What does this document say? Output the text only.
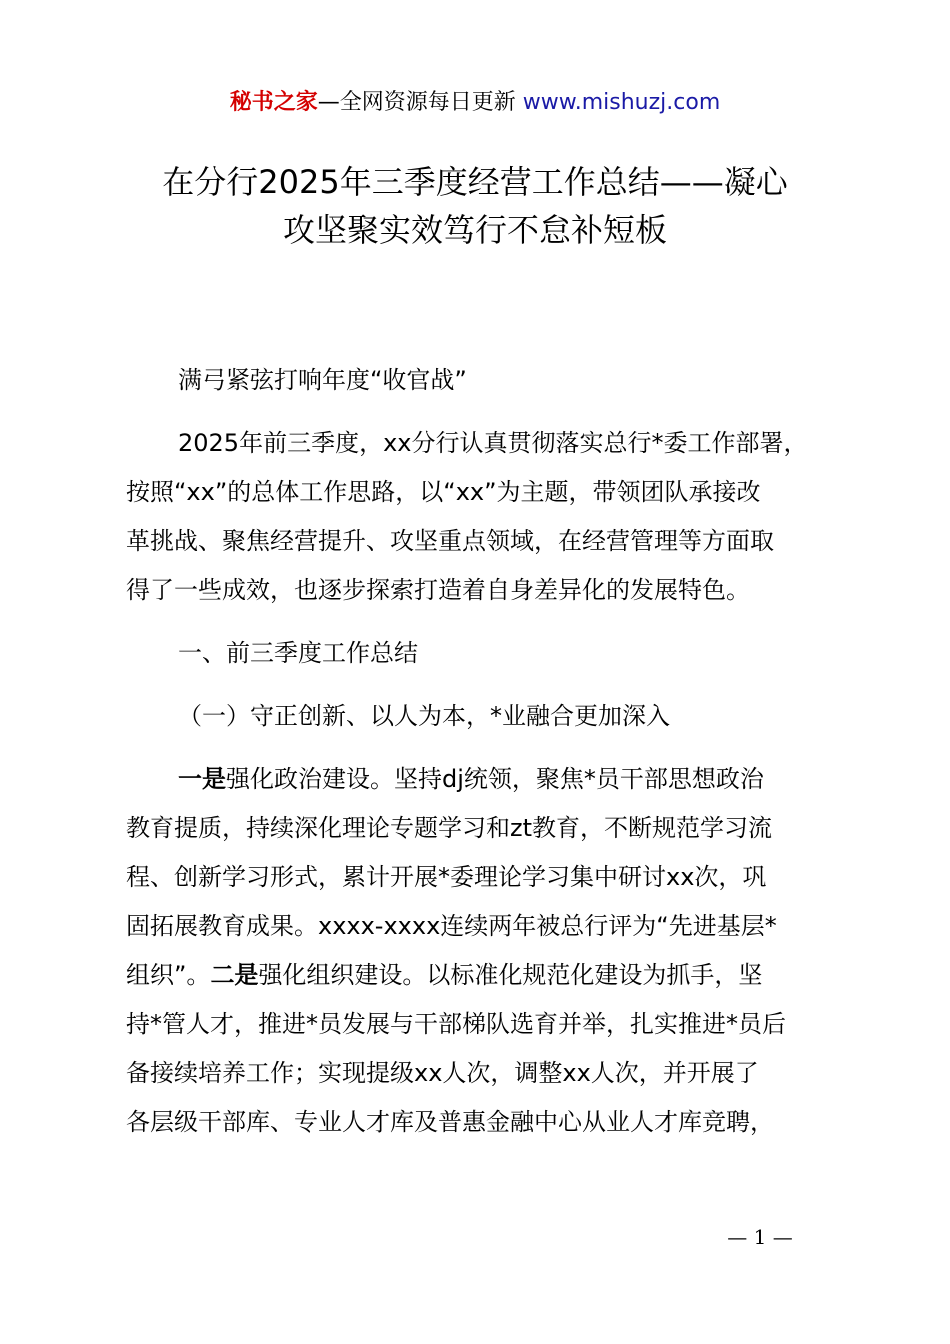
秘书之家—全网资源每日更新 www.mishuzj.com
在分行2025年三季度经营工作总结——凝心
攻坚聚实效笃行不怠补短板

满弓紧弦打响年度“收官战”

2025年前三季度，xx分行认真贯彻落实总行*委工作部署，
按照“xx”的总体工作思路，以“xx”为主题，带领团队承接改
革挑战、聚焦经营提升、攻坚重点领域，在经营管理等方面取
得了一些成效，也逐步探索打造着自身差异化的发展特色。

一、前三季度工作总结

（一）守正创新、以人为本，*业融合更加深入

一是强化政治建设。坚持dj统领，聚焦*员干部思想政治
教育提质，持续深化理论专题学习和zt教育，不断规范学习流
程、创新学习形式，累计开展*委理论学习集中研讨xx次，巩
固拓展教育成果。xxxx-xxxx连续两年被总行评为“先进基层*
组织”。二是强化组织建设。以标准化规范化建设为抓手，坚
持*管人才，推进*员发展与干部梯队选育并举，扎实推进*员后
备接续培养工作；实现提级xx人次，调整xx人次，并开展了
各层级干部库、专业人才库及普惠金融中心从业人才库竞聘，
— 1 —
